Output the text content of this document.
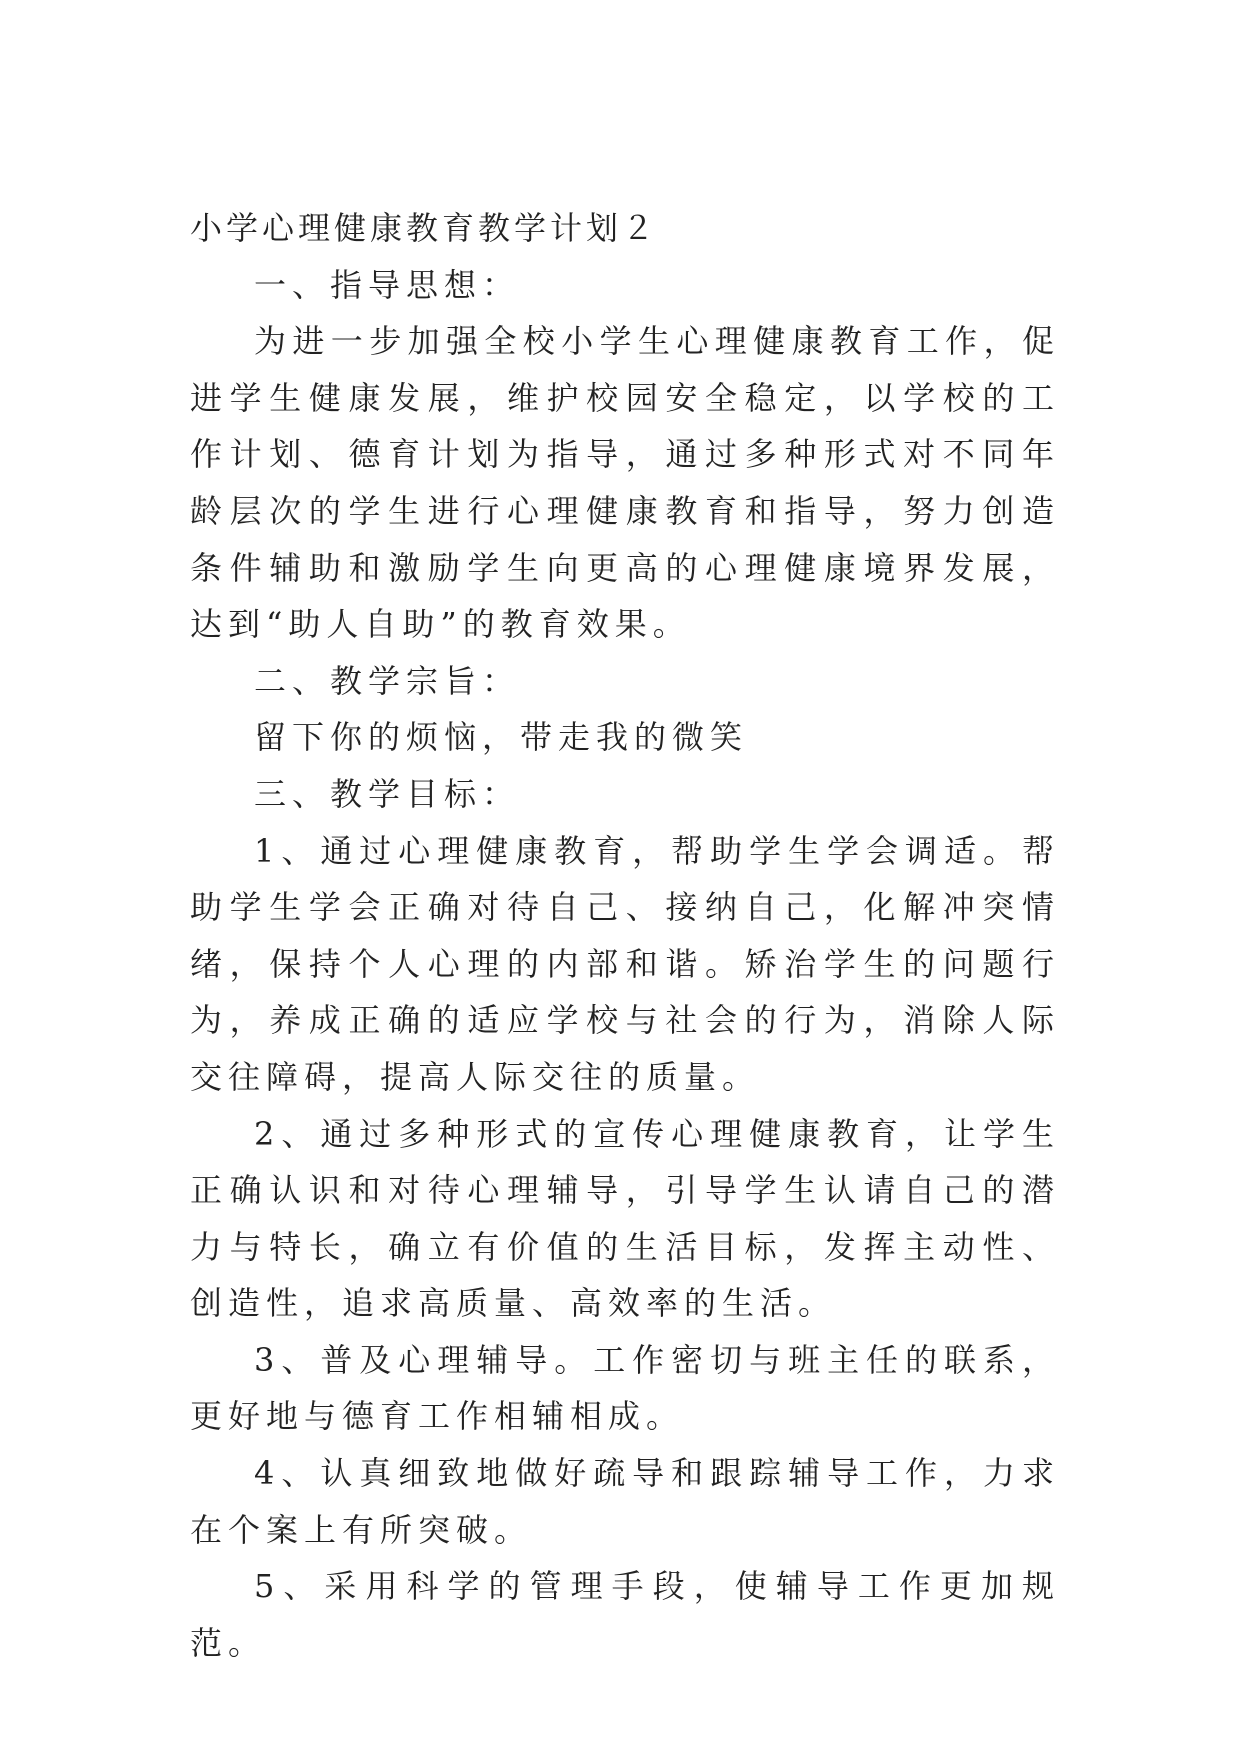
小学心理健康教育教学计划２

一、指导思想：

为进一步加强全校小学生心理健康教育工作，促进学生健康发展，维护校园安全稳定，以学校的工作计划、德育计划为指导，通过多种形式对不同年龄层次的学生进行心理健康教育和指导，努力创造条件辅助和激励学生向更高的心理健康境界发展，达到“助人自助”的教育效果。

二、教学宗旨：

留下你的烦恼，带走我的微笑

三、教学目标：

1、通过心理健康教育，帮助学生学会调适。帮助学生学会正确对待自己、接纳自己，化解冲突情绪，保持个人心理的内部和谐。矫治学生的问题行为，养成正确的适应学校与社会的行为，消除人际交往障碍，提高人际交往的质量。

2、通过多种形式的宣传心理健康教育，让学生正确认识和对待心理辅导，引导学生认请自己的潜力与特长，确立有价值的生活目标，发挥主动性、创造性，追求高质量、高效率的生活。

3、普及心理辅导。工作密切与班主任的联系，更好地与德育工作相辅相成。

4、认真细致地做好疏导和跟踪辅导工作，力求在个案上有所突破。

5、采用科学的管理手段，使辅导工作更加规范。
